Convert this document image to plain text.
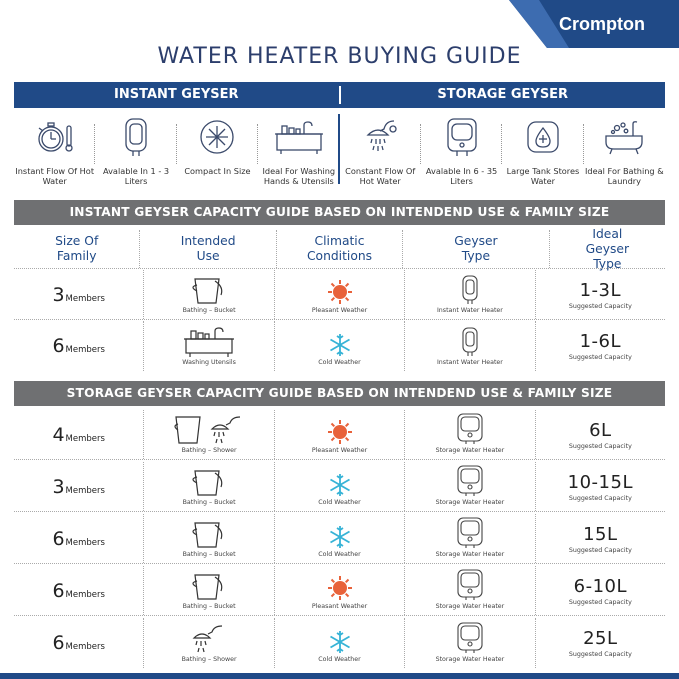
Crompton
WATER HEATER BUYING GUIDE
INSTANT GEYSER	STORAGE GEYSER
Instant Flow Of Hot Water
Avalable In 1 - 3 Liters
Compact In Size	Ideal For Washing Hands & Utensils
Constant Flow Of Hot Water
Avalable In 6 - 35 Liters
Large Tank Stores Water
Ideal For Bathing & Laundry
INSTANT GEYSER CAPACITY GUIDE BASED ON INTENDEND USE & FAMILY SIZE
Size Of Family
Intended Use
Climatic Conditions
Geyser Type
Ideal Geyser Type
3Members
Bathing – Bucket	Pleasant Weather	Instant Water Heater
1-3L
Suggested Capacity
6Members
Washing Utensils	Cold Weather	Instant Water Heater
1-6L
Suggested Capacity
STORAGE GEYSER CAPACITY GUIDE BASED ON INTENDEND USE & FAMILY SIZE
4Members
Bathing – Shower	Pleasant Weather	Storage Water Heater
6L
Suggested Capacity
3Members
Bathing – Bucket	Cold Weather	Storage Water Heater
10-15L
Suggested Capacity
6Members
Bathing – Bucket	Cold Weather	Storage Water Heater
15L
Suggested Capacity
6Members
Bathing – Bucket	Pleasant Weather	Storage Water Heater
6-10L
Suggested Capacity
6Members
Bathing – Shower	Cold Weather	Storage Water Heater
25L
Suggested Capacity
